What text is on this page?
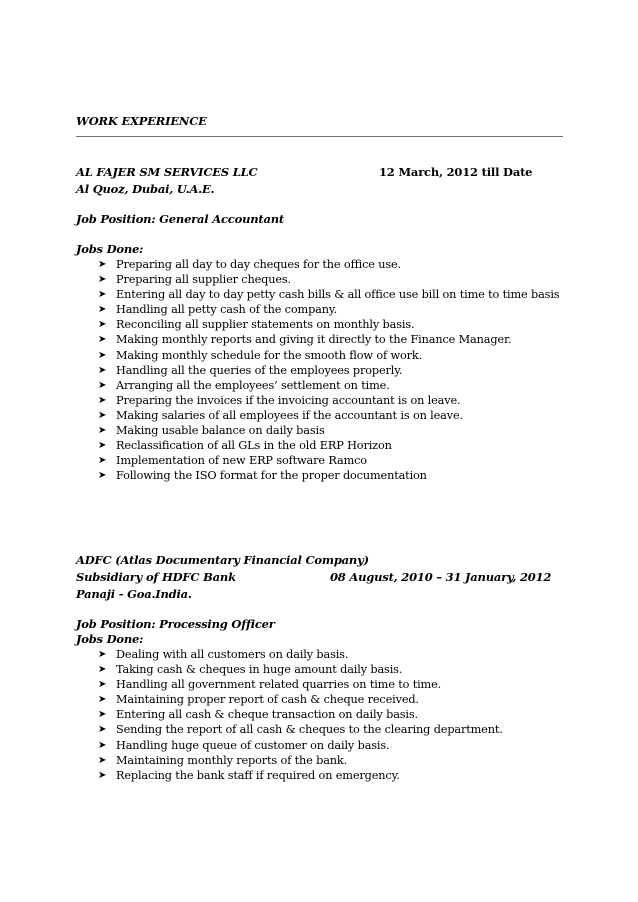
WORK EXPERIENCE
AL FAJER SM SERVICES LLC	12 March, 2012 till Date
Al Quoz, Dubai, U.A.E.
Job Position: General Accountant
Jobs Done:
➤ Preparing all day to day cheques for the office use.
➤ Preparing all supplier cheques.
➤ Entering all day to day petty cash bills & all office use bill on time to time basis
➤ Handling all petty cash of the company.
➤ Reconciling all supplier statements on monthly basis.
➤ Making monthly reports and giving it directly to the Finance Manager.
➤ Making monthly schedule for the smooth flow of work.
➤ Handling all the queries of the employees properly.
➤ Arranging all the employees’ settlement on time.
➤ Preparing the invoices if the invoicing accountant is on leave.
➤ Making salaries of all employees if the accountant is on leave.
➤ Making usable balance on daily basis
➤ Reclassification of all GLs in the old ERP Horizon
➤ Implementation of new ERP software Ramco
➤ Following the ISO format for the proper documentation
ADFC (Atlas Documentary Financial Company)
Subsidiary of HDFC Bank	08 August, 2010 – 31 January, 2012
Panaji - Goa.India.
Job Position: Processing Officer
Jobs Done:
➤ Dealing with all customers on daily basis.
➤ Taking cash & cheques in huge amount daily basis.
➤ Handling all government related quarries on time to time.
➤ Maintaining proper report of cash & cheque received.
➤ Entering all cash & cheque transaction on daily basis.
➤ Sending the report of all cash & cheques to the clearing department.
➤ Handling huge queue of customer on daily basis.
➤ Maintaining monthly reports of the bank.
➤ Replacing the bank staff if required on emergency.
